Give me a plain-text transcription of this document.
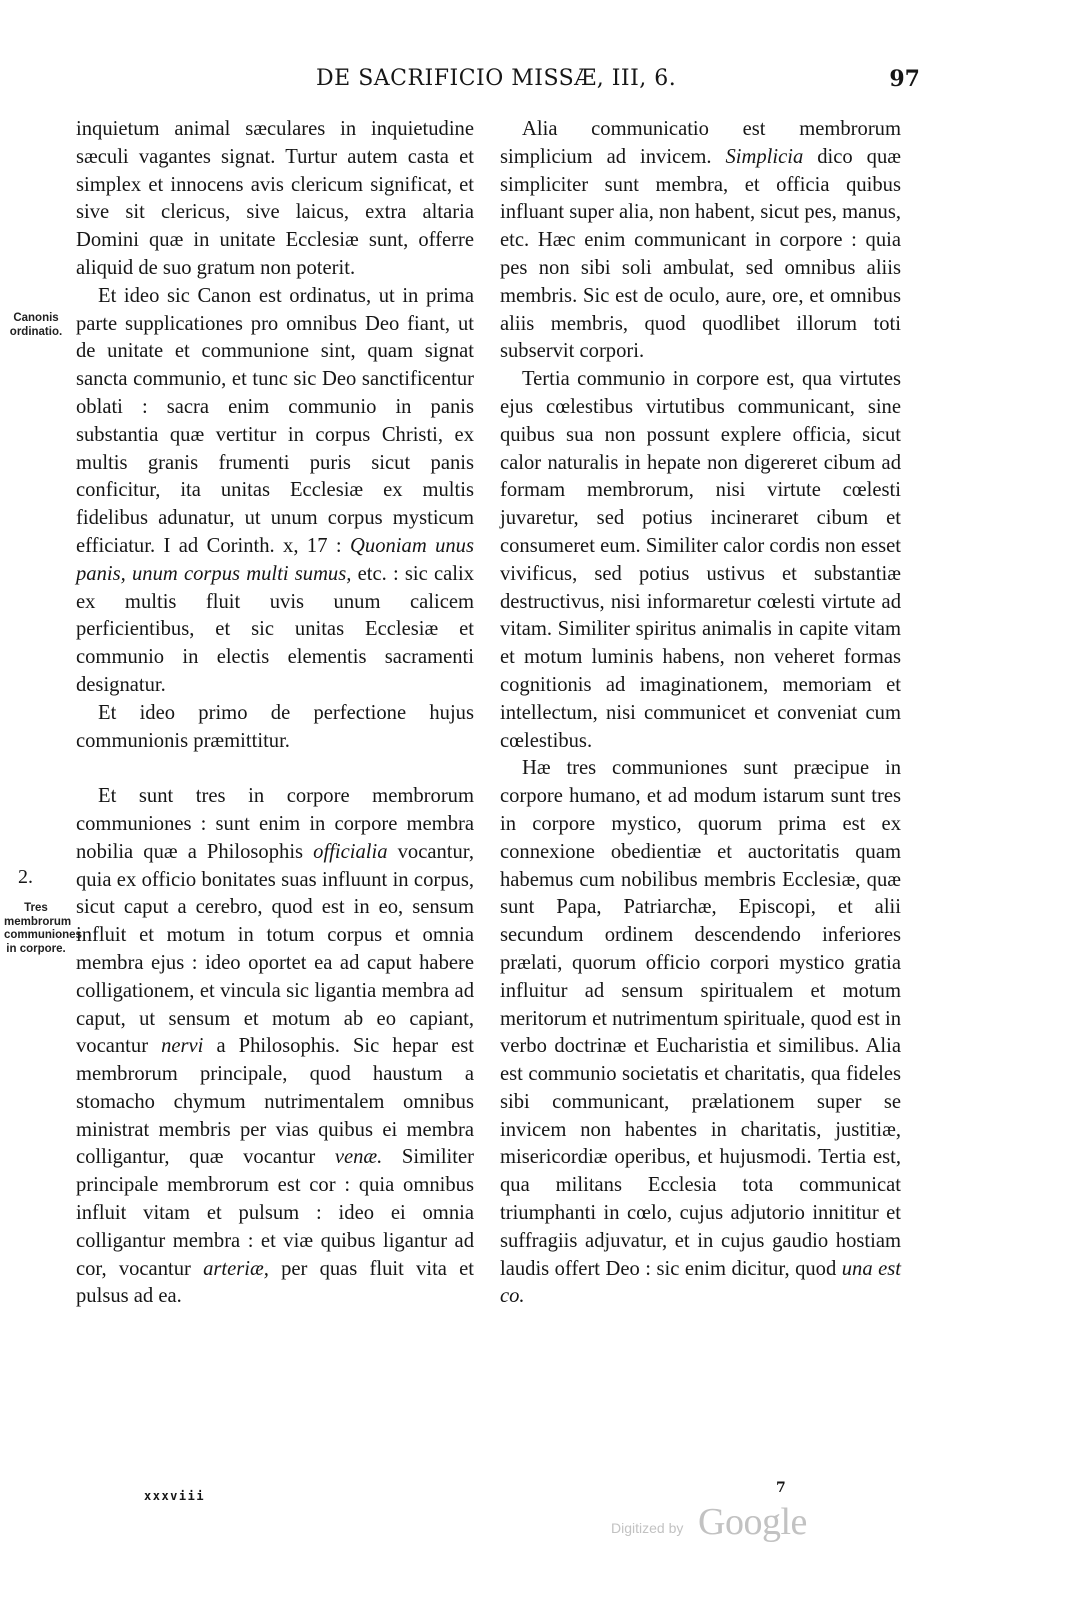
DE SACRIFICIO MISSÆ, III, 6.	97
Canonis ordinatio.
2.
Tres membrorum communiones in corpore.

inquietum animal sæculares in inquietudine sæculi vagantes signat. Turtur autem casta et simplex et innocens avis clericum significat, et sive sit clericus, sive laicus, extra altaria Domini quæ in unitate Ecclesiæ sunt, offerre aliquid de suo gratum non poterit.

Et ideo sic Canon est ordinatus, ut in prima parte supplicationes pro omnibus Deo fiant, ut de unitate et communione sint, quam signat sancta communio, et tunc sic Deo sanctificentur oblati : sacra enim communio in panis substantia quæ vertitur in corpus Christi, ex multis granis frumenti puris sicut panis conficitur, ita unitas Ecclesiæ ex multis fidelibus adunatur, ut unum corpus mysticum efficiatur. I ad Corinth. x, 17 : Quoniam unus panis, unum corpus multi sumus, etc. : sic calix ex multis fluit uvis unum calicem perficientibus, et sic unitas Ecclesiæ et communio in electis elementis sacramenti designatur.

Et ideo primo de perfectione hujus communionis præmittitur.

Et sunt tres in corpore membrorum communiones : sunt enim in corpore membra nobilia quæ a Philosophis officialia vocantur, quia ex officio bonitates suas influunt in corpus, sicut caput a cerebro, quod est in eo, sensum influit et motum in totum corpus et omnia membra ejus : ideo oportet ea ad caput habere colligationem, et vincula sic ligantia membra ad caput, ut sensum et motum ab eo capiant, vocantur nervi a Philosophis. Sic hepar est membrorum principale, quod haustum a stomacho chymum nutrimentalem omnibus ministrat membris per vias quibus ei membra colligantur, quæ vocantur venæ. Similiter principale membrorum est cor : quia omnibus influit vitam et pulsum : ideo ei omnia colligantur membra : et viæ quibus ligantur ad cor, vocantur arteriæ, per quas fluit vita et pulsus ad ea.

Alia communicatio est membrorum simplicium ad invicem. Simplicia dico quæ simpliciter sunt membra, et officia quibus influant super alia, non habent, sicut pes, manus, etc. Hæc enim communicant in corpore : quia pes non sibi soli ambulat, sed omnibus aliis membris. Sic est de oculo, aure, ore, et omnibus aliis membris, quod quodlibet illorum toti subservit corpori.

Tertia communio in corpore est, qua virtutes ejus cœlestibus virtutibus communicant, sine quibus sua non possunt explere officia, sicut calor naturalis in hepate non digereret cibum ad formam membrorum, nisi virtute cœlesti juvaretur, sed potius incineraret cibum et consumeret eum. Similiter calor cordis non esset vivificus, sed potius ustivus et substantiæ destructivus, nisi informaretur cœlesti virtute ad vitam. Similiter spiritus animalis in capite vitam et motum luminis habens, non veheret formas cognitionis ad imaginationem, memoriam et intellectum, nisi communicet et conveniat cum cœlestibus.

Hæ tres communiones sunt præcipue in corpore humano, et ad modum istarum sunt tres in corpore mystico, quorum prima est ex connexione obedientiæ et auctoritatis quam habemus cum nobilibus membris Ecclesiæ, quæ sunt Papa, Patriarchæ, Episcopi, et alii secundum ordinem descendendo inferiores prælati, quorum officio corpori mystico gratia influitur ad sensum spiritualem et motum meritorum et nutrimentum spirituale, quod est in verbo doctrinæ et Eucharistia et similibus. Alia est communio societatis et charitatis, qua fideles sibi communicant, prælationem super se invicem non habentes in charitatis, justitiæ, misericordiæ operibus, et hujusmodi. Tertia est, qua militans Ecclesia tota communicat triumphanti in cœlo, cujus adjutorio innititur et suffragiis adjuvatur, et in cujus gaudio hostiam laudis offert Deo : sic enim dicitur, quod una est co.

xxxviii	7
Digitized by Google
